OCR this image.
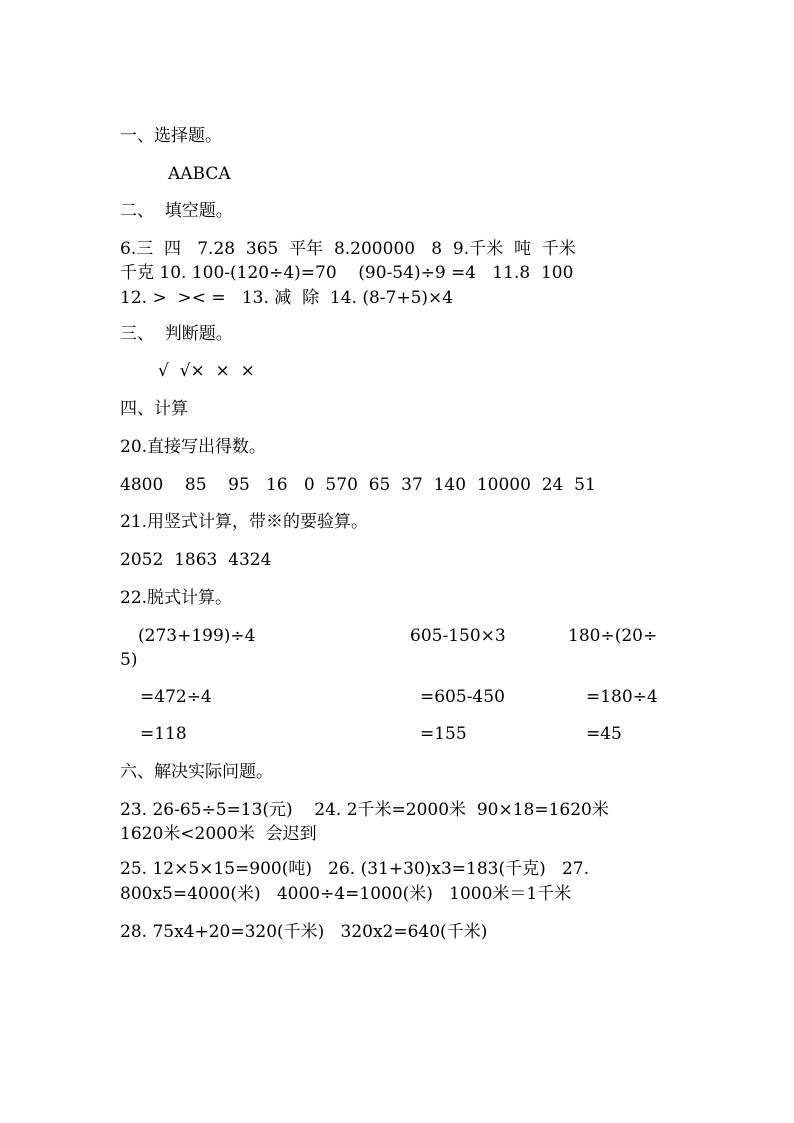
一、选择题。
AABCA
二、  填空题。
6.三  四   7.28  365  平年  8.200000   8  9.千米  吨  千米
千克 10. 100-(120÷4)=70    (90-54)÷9 =4   11.8  100
12. >  >< =   13. 减  除  14. (8-7+5)×4
三、  判断题。
√  √×  ×  ×
四、计算
20.直接写出得数。
4800    85    95   16   0  570  65  37  140  10000  24  51
21.用竖式计算，带※的要验算。
2052  1863  4324
22.脱式计算。
(273+199)÷4	605-150×3	180÷(20÷
5)
=472÷4	=605-450	=180÷4
=118	=155	=45
六、解决实际问题。
23. 26-65÷5=13(元)    24. 2千米=2000米  90×18=1620米
1620米<2000米  会迟到
25. 12×5×15=900(吨)   26. (31+30)x3=183(千克)   27.
800x5=4000(米)   4000÷4=1000(米)   1000米＝1千米
28. 75x4+20=320(千米)   320x2=640(千米)
